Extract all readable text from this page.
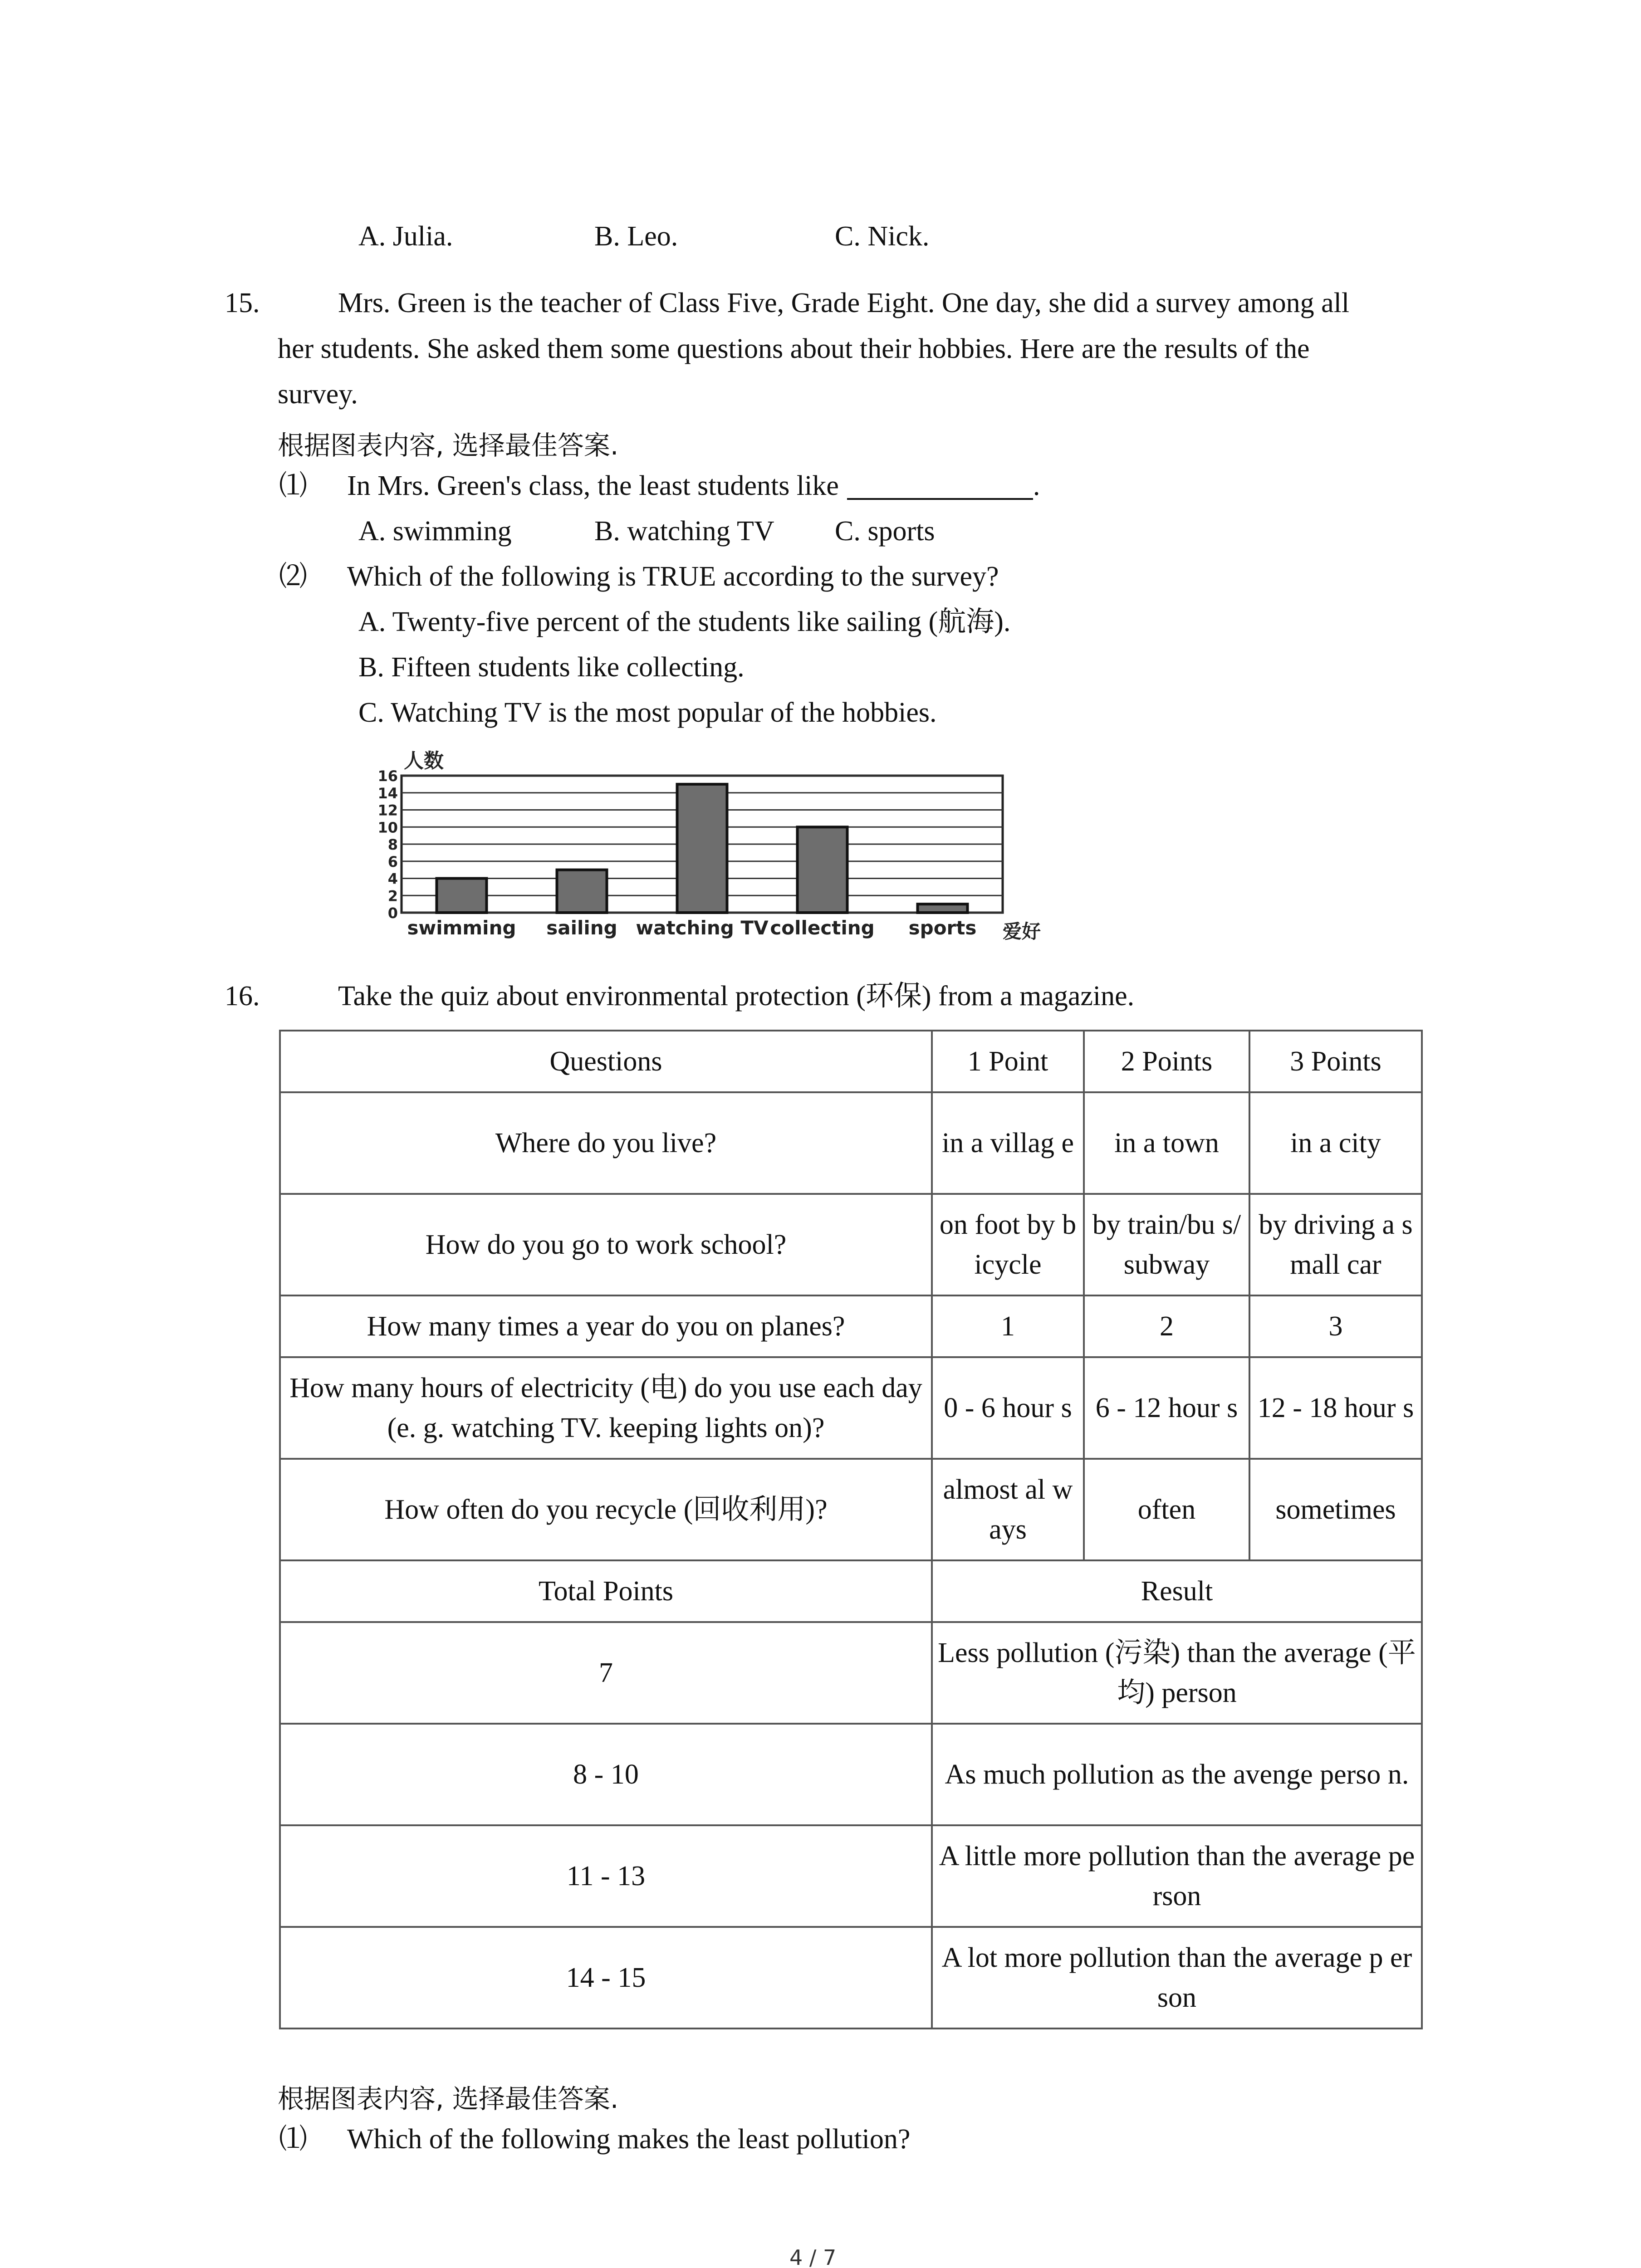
A. Julia.	B. Leo.	C. Nick.
15.	Mrs. Green is the teacher of Class Five, Grade Eight. One day, she did a survey among all
her students. She asked them some questions about their hobbies. Here are the results of the
survey.
根据图表内容, 选择最佳答案.
⑴ In Mrs. Green's class, the least students like	.
A. swimming	B. watching TV C. sports
⑵ Which of the following is TRUE according to the survey?
A. Twenty-five percent of the students like sailing (航海).
B. Fifteen students like collecting.
C. Watching TV is the most popular of the hobbies.
人数
爱好
0
2
4
6
8
10
12
14
16
swimming sailing watching TV collecting sports
16.	Take the quiz about environmental protection (环保) from a magazine.
Questions	1 Point	2 Points	3 Points
Where do you live?	in a villag e	in a town	in a city
How do you go to work school?	on foot by bicycle	by train/bu s/ subway	by driving a small car
How many times a year do you on planes?	1	2	3
How many hours of electricity (电) do you use each day (e. g. watching TV. keeping lights on)?	0 - 6 hour s	6 - 12 hour s	12 - 18 hour s
How often do you recycle (回收利用)?	almost al ways	often	sometimes
Total Points	Result		
7	Less pollution (污染) than the average (平均) person		
8 - 10	As much pollution as the avenge perso n.		
11 - 13	A little more pollution than the average person		
14 - 15	A lot more pollution than the average p erson		
根据图表内容, 选择最佳答案.
⑴ Which of the following makes the least pollution?
4 / 7
